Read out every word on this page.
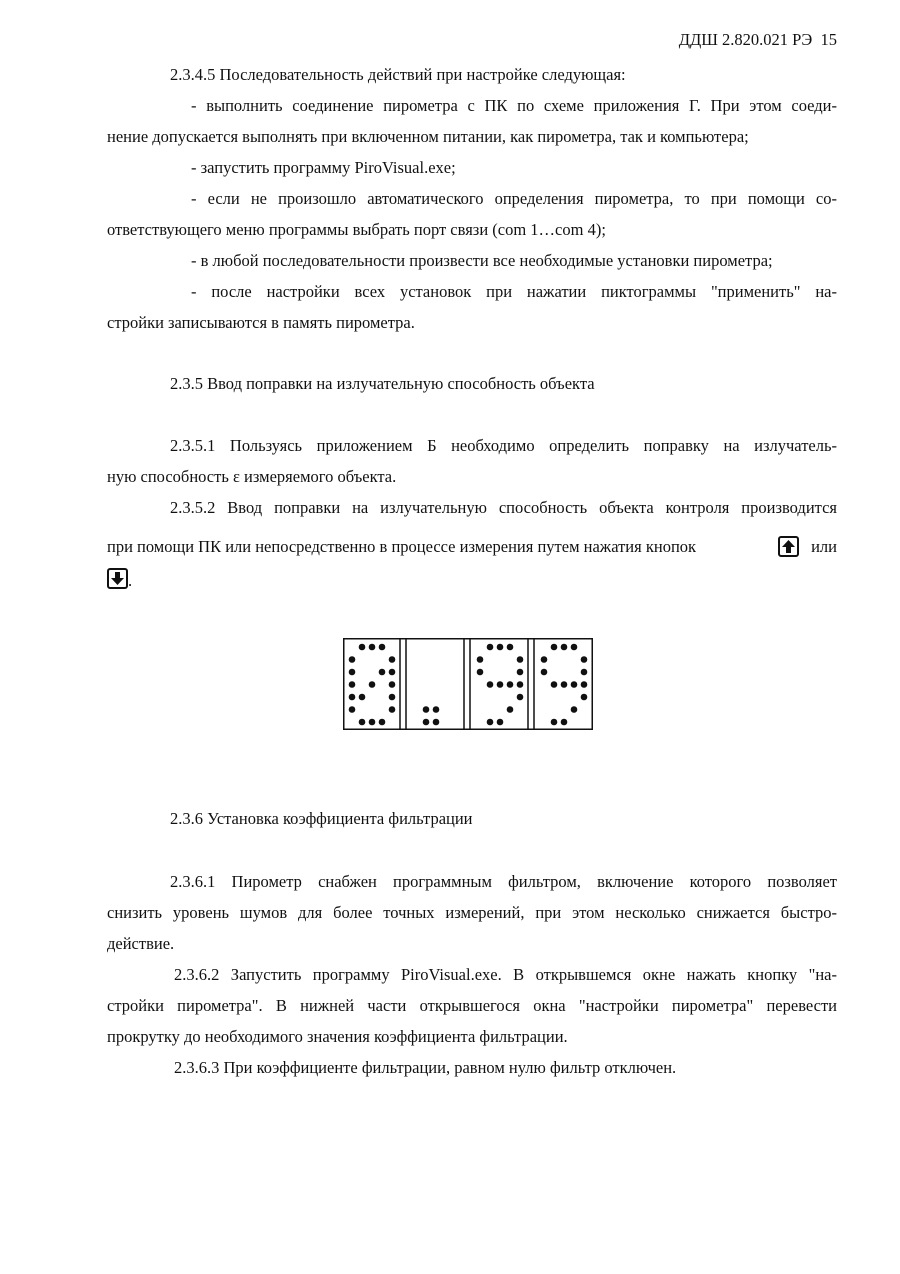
ДДШ 2.820.021 РЭ 15
2.3.4.5 Последовательность действий при настройке следующая:
- выполнить соединение пирометра с ПК по схеме приложения Г. При этом соеди-
нение допускается выполнять при включенном питании, как пирометра, так и компьютера;
- запустить программу PiroVisual.exe;
- если не произошло автоматического определения пирометра, то при помощи со-
ответствующего меню программы выбрать порт связи (com 1…com 4);
- в любой последовательности произвести все необходимые установки пирометра;
- после настройки всех установок при нажатии пиктограммы "применить" на-
стройки записываются в память пирометра.
2.3.5 Ввод поправки на излучательную способность объекта
2.3.5.1 Пользуясь приложением Б необходимо определить поправку на излучатель-
ную способность ε измеряемого объекта.
2.3.5.2 Ввод поправки на излучательную способность объекта контроля производится
при помощи ПК или непосредственно в процессе измерения путем нажатия кнопок	или
.
2.3.6 Установка коэффициента фильтрации
2.3.6.1 Пирометр снабжен программным фильтром, включение которого позволяет
снизить уровень шумов для более точных измерений, при этом несколько снижается быстро-
действие.
2.3.6.2 Запустить программу PiroVisual.exe. В открывшемся окне нажать кнопку "на-
стройки пирометра". В нижней части открывшегося окна "настройки пирометра" перевести
прокрутку до необходимого значения коэффициента фильтрации.
2.3.6.3 При коэффициенте фильтрации, равном нулю фильтр отключен.
